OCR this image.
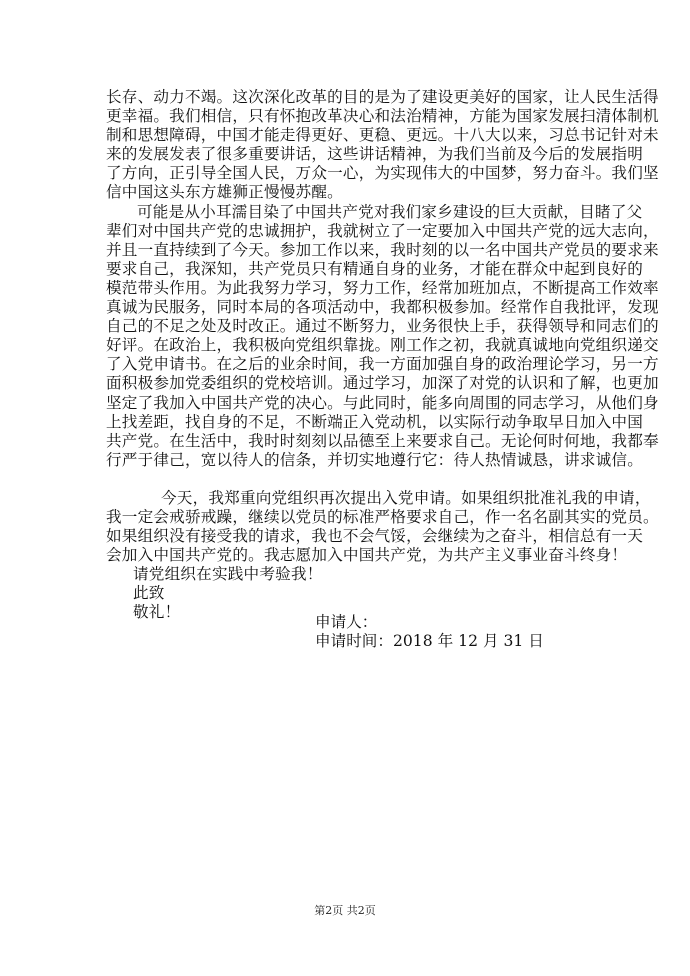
长存、动力不竭。这次深化改革的目的是为了建设更美好的国家，让人民生活得
更幸福。我们相信，只有怀抱改革决心和法治精神，方能为国家发展扫清体制机
制和思想障碍，中国才能走得更好、更稳、更远。十八大以来，习总书记针对未
来的发展发表了很多重要讲话，这些讲话精神，为我们当前及今后的发展指明
了方向，正引导全国人民，万众一心，为实现伟大的中国梦，努力奋斗。我们坚
信中国这头东方雄狮正慢慢苏醒。
可能是从小耳濡目染了中国共产党对我们家乡建设的巨大贡献，目睹了父
辈们对中国共产党的忠诚拥护，我就树立了一定要加入中国共产党的远大志向，
并且一直持续到了今天。参加工作以来，我时刻的以一名中国共产党员的要求来
要求自己，我深知，共产党员只有精通自身的业务，才能在群众中起到良好的
模范带头作用。为此我努力学习，努力工作，经常加班加点，不断提高工作效率
真诚为民服务，同时本局的各项活动中，我都积极参加。经常作自我批评，发现
自己的不足之处及时改正。通过不断努力，业务很快上手，获得领导和同志们的
好评。在政治上，我积极向党组织靠拢。刚工作之初，我就真诚地向党组织递交
了入党申请书。在之后的业余时间，我一方面加强自身的政治理论学习，另一方
面积极参加党委组织的党校培训。通过学习，加深了对党的认识和了解，也更加
坚定了我加入中国共产党的决心。与此同时，能多向周围的同志学习，从他们身
上找差距，找自身的不足，不断端正入党动机，以实际行动争取早日加入中国
共产党。在生活中，我时时刻刻以品德至上来要求自己。无论何时何地，我都奉
行严于律己，宽以待人的信条，并切实地遵行它：待人热情诚恳，讲求诚信。
今天，我郑重向党组织再次提出入党申请。如果组织批准礼我的申请，
我一定会戒骄戒躁，继续以党员的标准严格要求自己，作一名名副其实的党员。
如果组织没有接受我的请求，我也不会气馁，会继续为之奋斗，相信总有一天
会加入中国共产党的。我志愿加入中国共产党，为共产主义事业奋斗终身！
请党组织在实践中考验我！
此致
敬礼！
申请人：
申请时间：2018 年 12 月 31 日
第2页 共2页
